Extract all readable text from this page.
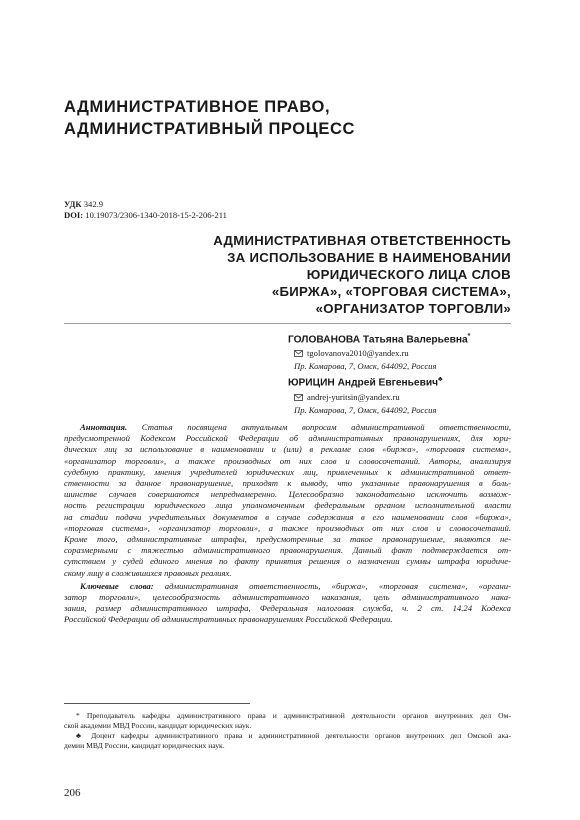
АДМИНИСТРАТИВНОЕ ПРАВО,
АДМИНИСТРАТИВНЫЙ ПРОЦЕСС
УДК 342.9
DOI: 10.19073/2306-1340-2018-15-2-206-211
АДМИНИСТРАТИВНАЯ ОТВЕТСТВЕННОСТЬ
ЗА ИСПОЛЬЗОВАНИЕ В НАИМЕНОВАНИИ
ЮРИДИЧЕСКОГО ЛИЦА СЛОВ
«БИРЖА», «ТОРГОВАЯ СИСТЕМА»,
«ОРГАНИЗАТОР ТОРГОВЛИ»
ГОЛОВАНОВА Татьяна Валерьевна*
tgolovanova2010@yandex.ru
Пр. Комарова, 7, Омск, 644092, Россия
ЮРИЦИН Андрей Евгеньевич♣
andrej-yuritsin@yandex.ru
Пр. Комарова, 7, Омск, 644092, Россия
Аннотация. Статья посвящена актуальным вопросам административной ответственности,
предусмотренной Кодексом Российской Федерации об административных правонарушениях, для юри-
дических лиц за использование в наименовании и (или) в рекламе слов «биржа», «торговая система»,
«организатор торговли», а также производных от них слов и словосочетаний. Авторы, анализируя
судебную практику, мнения учредителей юридических лиц, привлеченных к административной ответ-
ственности за данное правонарушение, приходят к выводу, что указанные правонарушения в боль-
шинстве случаев совершаются непреднамеренно. Целесообразно законодательно исключить возмож-
ность регистрации юридического лица уполномоченным федеральным органом исполнительной власти
на стадии подачи учредительных документов в случае содержания в его наименовании слов «биржа»,
«торговая система», «организатор торговли», а также производных от них слов и словосочетаний.
Кроме того, административные штрафы, предусмотренные за такое правонарушение, являются не-
соразмерными с тяжестью административного правонарушения. Данный факт подтверждается от-
сутствием у судей единого мнения по факту принятия решения о назначении суммы штрафа юридиче-
скому лицу в сложившихся правовых реалиях.
Ключевые слова: административная ответственность, «биржа», «торговая система», «органи-
затор торговли», целесообразность административного наказания, цель административного нака-
зания, размер административного штрафа, Федеральная налоговая служба, ч. 2 ст. 14.24 Кодекса
Российской Федерации об административных правонарушениях Российской Федерации.
* Преподаватель кафедры административного права и административной деятельности органов внутренних дел Ом-
ской академии МВД России, кандидат юридических наук.
♣ Доцент кафедры административного права и административной деятельности органов внутренних дел Омской ака-
демии МВД России, кандидат юридических наук.
206
